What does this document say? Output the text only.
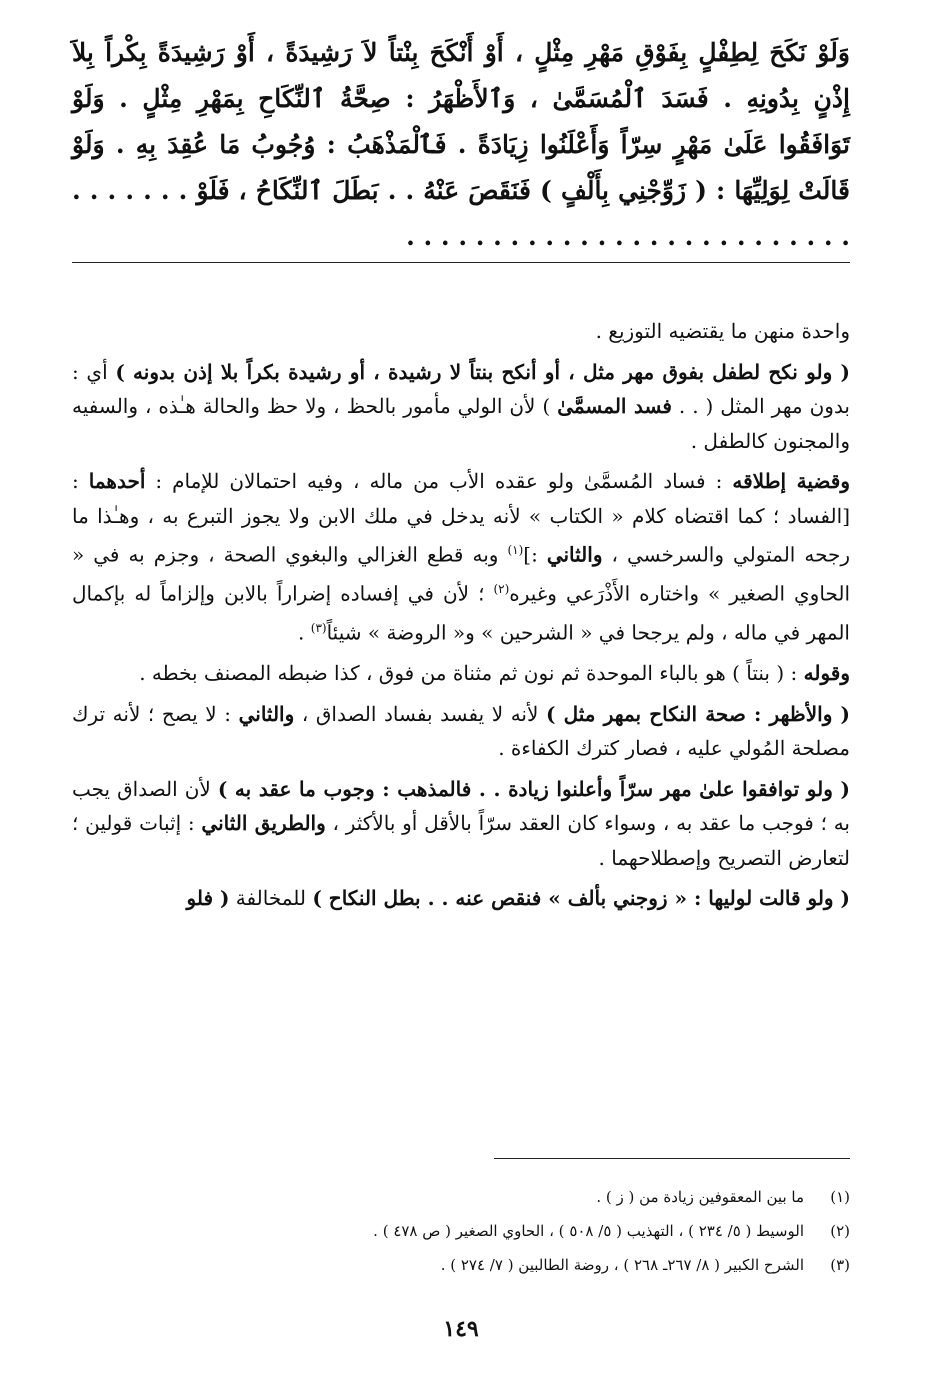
وَلَوْ نَكَحَ لِطِفْلٍ بِفَوْقِ مَهْرِ مِثْلٍ ، أَوْ أَنْكَحَ بِنْتاً لاَ رَشِيدَةً ، أَوْ رَشِيدَةً بِكْراً بِلاَ إِذْنٍ بِدُونِهِ . فَسَدَ ٱلْمُسَمَّىٰ ، وَٱلأَظْهَرُ : صِحَّةُ ٱلنِّكَاحِ بِمَهْرِ مِثْلٍ . وَلَوْ تَوَافَقُوا عَلَىٰ مَهْرٍ سِرّاً وَأَعْلَنُوا زِيَادَةً . فَٱلْمَذْهَبُ : وُجُوبُ مَا عُقِدَ بِهِ . وَلَوْ قَالَتْ لِوَلِيِّهَا : ( زَوِّجْنِي بِأَلْفٍ ) فَنَقَصَ عَنْهُ . . بَطَلَ ٱلنِّكَاحُ ، فَلَوْ . . . . . . . . . . . . . . . . . . . . . . . . . . . . . . . . .

واحدة منهن ما يقتضيه التوزيع .

( ولو نكح لطفل بفوق مهر مثل ، أو أنكح بنتاً لا رشيدة ، أو رشيدة بكراً بلا إذن بدونه ) أي : بدون مهر المثل ( . . فسد المسمَّىٰ ) لأن الولي مأمور بالحظ ، ولا حظ والحالة هـٰذه ، والسفيه والمجنون كالطفل .

وقضية إطلاقه : فساد المُسمَّىٰ ولو عقده الأب من ماله ، وفيه احتمالان للإمام : أحدهما : [الفساد ؛ كما اقتضاه كلام « الكتاب » لأنه يدخل في ملك الابن ولا يجوز التبرع به ، وهـٰذا ما رجحه المتولي والسرخسي ، والثاني :]$^{(١)}$ وبه قطع الغزالي والبغوي الصحة ، وجزم به في « الحاوي الصغير » واختاره الأَذْرَعي وغيره$^{(٢)}$ ؛ لأن في إفساده إضراراً بالابن وإلزاماً له بإكمال المهر في ماله ، ولم يرجحا في « الشرحين » و« الروضة » شيئاً$^{(٣)}$ .

وقوله : ( بنتاً ) هو بالباء الموحدة ثم نون ثم مثناة من فوق ، كذا ضبطه المصنف بخطه .

( والأظهر : صحة النكاح بمهر مثل ) لأنه لا يفسد بفساد الصداق ، والثاني : لا يصح ؛ لأنه ترك مصلحة المُولي عليه ، فصار كترك الكفاءة .

( ولو توافقوا علىٰ مهر سرّاً وأعلنوا زيادة . . فالمذهب : وجوب ما عقد به ) لأن الصداق يجب به ؛ فوجب ما عقد به ، وسواء كان العقد سرّاً بالأقل أو بالأكثر ، والطريق الثاني : إثبات قولين ؛ لتعارض التصريح وإصطلاحهما .

( ولو قالت لوليها : « زوجني بألف » فنقص عنه . . بطل النكاح ) للمخالفة ( فلو

(١)
ما بين المعقوفين زيادة من ( ز ) .
(٢)
الوسيط ( ٥/ ٢٣٤ ) ، التهذيب ( ٥/ ٥٠٨ ) ، الحاوي الصغير ( ص ٤٧٨ ) .
(٣)
الشرح الكبير ( ٨/ ٢٦٧ـ ٢٦٨ ) ، روضة الطالبين ( ٧/ ٢٧٤ ) .
١٤٩
